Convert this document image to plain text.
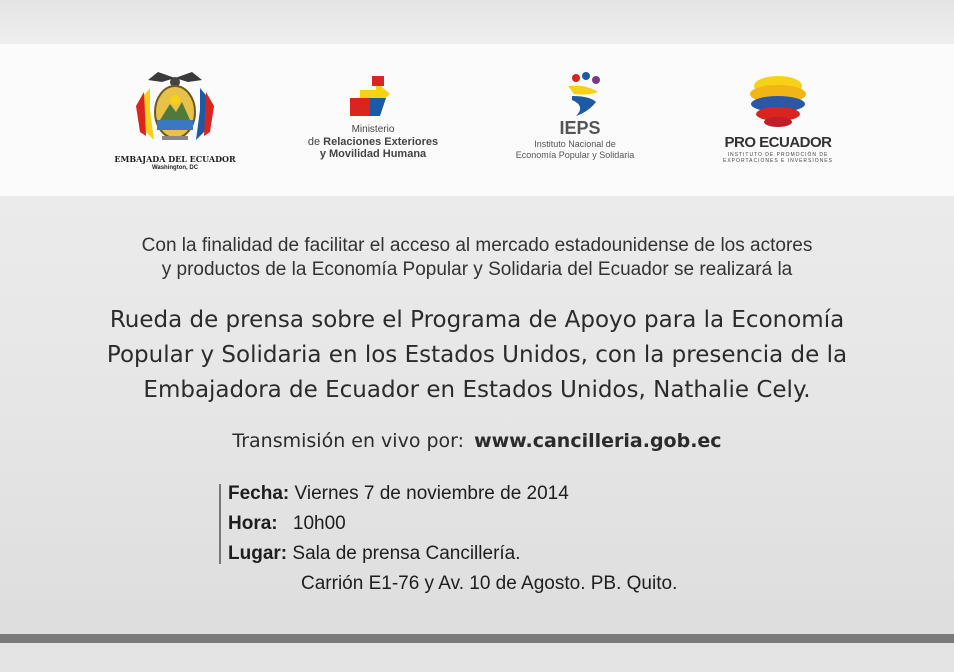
EMBAJADA DEL ECUADOR
Washington, DC
Ministerio
de Relaciones Exteriores
y Movilidad Humana
IEPS
Instituto Nacional de
Economía Popular y Solidaria
PRO ECUADOR
INSTITUTO DE PROMOCIÓN DE
EXPORTACIONES E INVERSIONES
Con la finalidad de facilitar el acceso al mercado estadounidense de los actores
y productos de la Economía Popular y Solidaria del Ecuador se realizará la
Rueda de prensa sobre el Programa de Apoyo para la Economía
Popular y Solidaria en los Estados Unidos, con la presencia de la
Embajadora de Ecuador en Estados Unidos, Nathalie Cely.
Transmisión en vivo por: www.cancilleria.gob.ec
Fecha: Viernes 7 de noviembre de 2014
Hora: 10h00
Lugar: Sala de prensa Cancillería.
Carrión E1-76 y Av. 10 de Agosto. PB. Quito.
